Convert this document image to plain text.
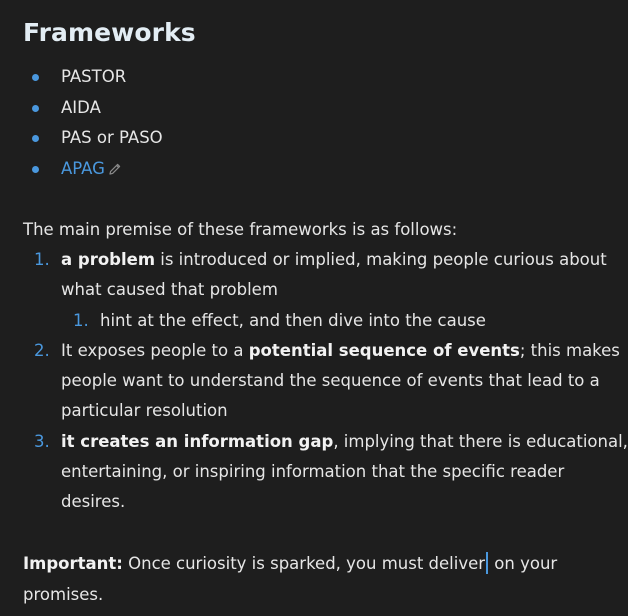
Frameworks
PASTOR
AIDA
PAS or PASO
APAG

The main premise of these frameworks is as follows:

1. a problem is introduced or implied, making people curious about
what caused that problem
1. hint at the effect, and then dive into the cause
2. It exposes people to a potential sequence of events; this makes
people want to understand the sequence of events that lead to a
particular resolution
3. it creates an information gap, implying that there is educational,
entertaining, or inspiring information that the specific reader
desires.

Important: Once curiosity is sparked, you must deliver on your
promises.
